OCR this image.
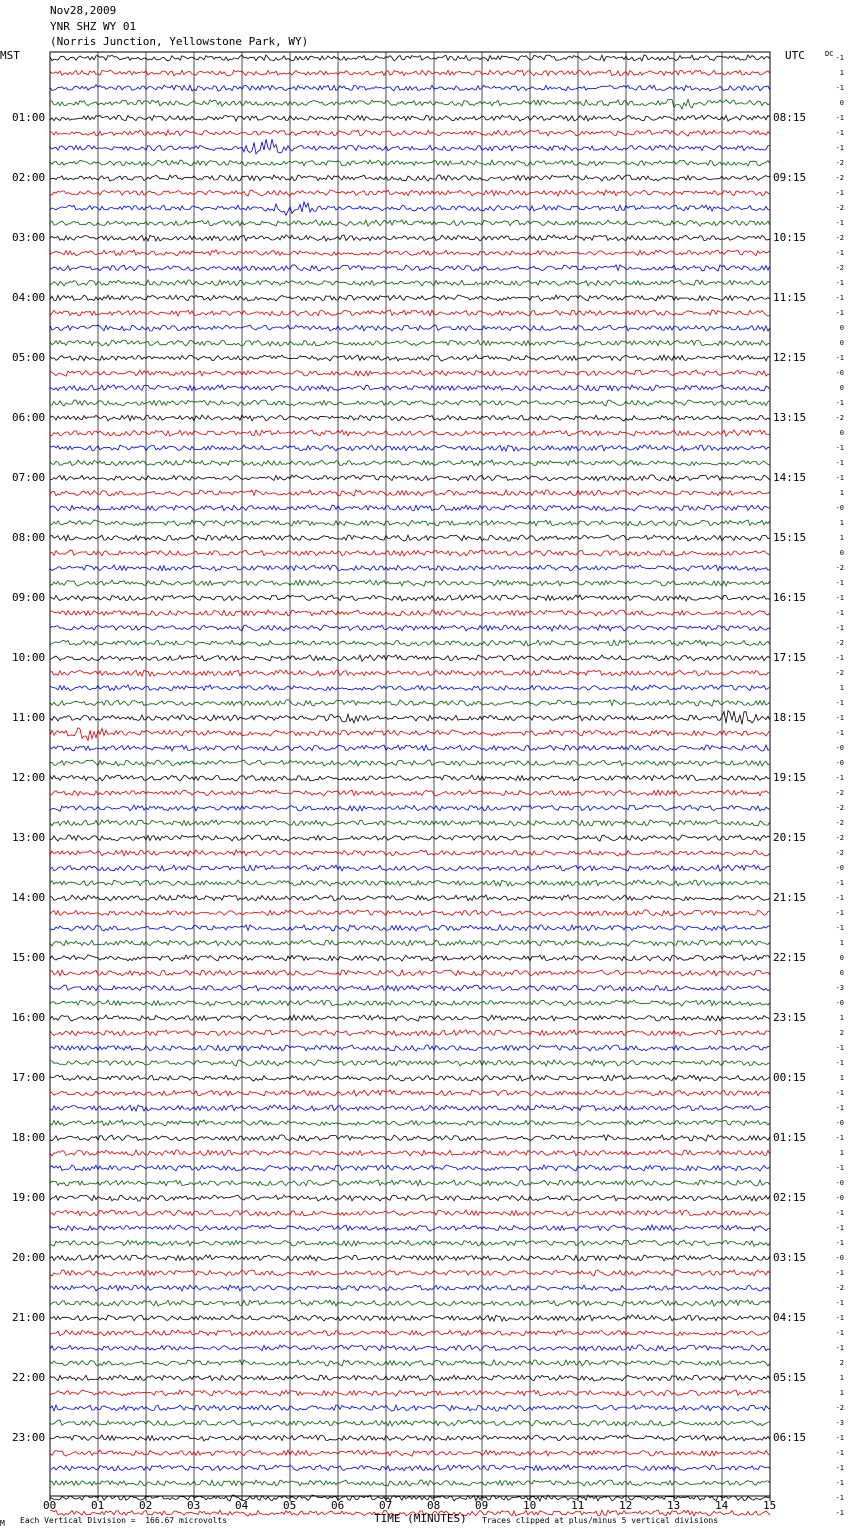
Nov28,2009
YNR SHZ WY 01
(Norris Junction, Yellowstone Park, WY)
MST	UTC	DC
01:00
02:00
03:00
04:00
05:00
06:00
07:00
08:00
09:00
10:00
11:00
12:00
13:00
14:00
15:00
16:00
17:00
18:00
19:00
20:00
21:00
22:00
23:00
08:15
09:15
10:15
11:15
12:15
13:15
14:15
15:15
16:15
17:15
18:15
19:15
20:15
21:15
22:15
23:15
00:15
01:15
02:15
03:15
04:15
05:15
06:15
-1
1
-1
0
-1
-1
-1
-2
-2
-1
-2
-1
-2
-1
-2
-1
-1
-1
0
0
-1
-0
0
-1
-2
0
-1
-1
-1
1
-0
1
1
0
-2
-1
-1
-1
-1
-2
-1
-2
1
-1
-1
-1
-0
-0
-1
-2
-2
-2
-2
-2
-0
-1
-1
-1
-1
1
0
0
-3
-0
1
2
-1
-1
1
-1
-1
-0
-1
1
-1
-0
-0
-1
-1
-1
-0
-1
-2
-1
-1
-1
-1
2
1
1
-2
-3
-1
-1
-1
-1
-1
-1
00	01	02	03	04	05	06	07	08	09	10	11	12	13	14	15
M Each Vertical Division =  166.67 microvolts	TIME (MINUTES) Traces clipped at plus/minus 5 vertical divisions
